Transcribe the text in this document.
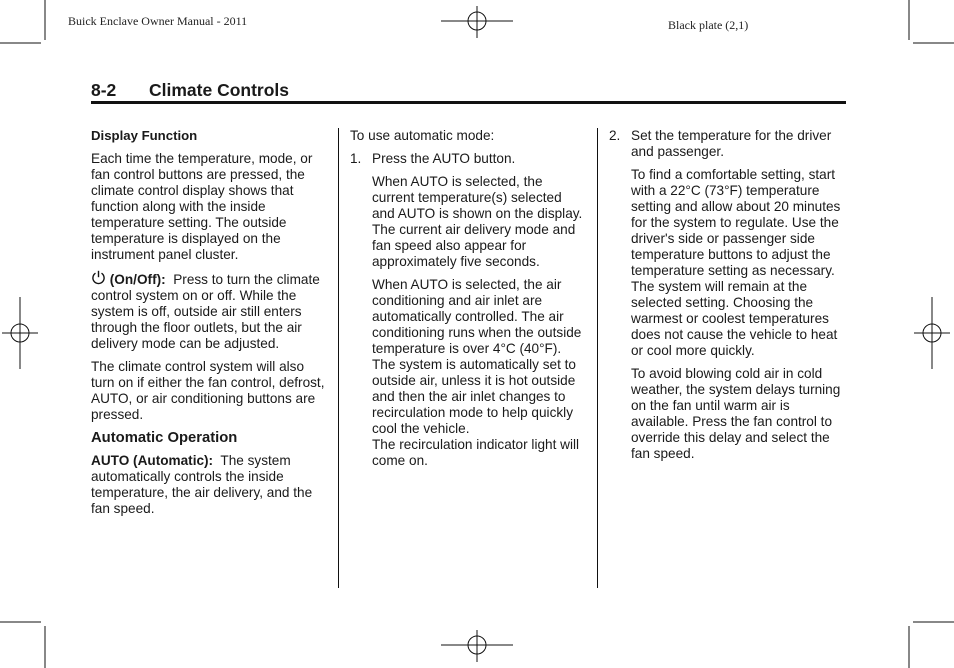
Buick Enclave Owner Manual - 2011	Black plate (2,1)
8-2 Climate Controls

Display Function

Each time the temperature, mode, or fan control buttons are pressed, the climate control display shows that function along with the inside temperature setting. The outside temperature is displayed on the instrument panel cluster.

(On/Off): Press to turn the climate control system on or off. While the system is off, outside air still enters through the floor outlets, but the air delivery mode can be adjusted.

The climate control system will also turn on if either the fan control, defrost, AUTO, or air conditioning buttons are pressed.

Automatic Operation

AUTO (Automatic): The system automatically controls the inside temperature, the air delivery, and the fan speed.

To use automatic mode:

1. Press the AUTO button.

When AUTO is selected, the current temperature(s) selected and AUTO is shown on the display. The current air delivery mode and fan speed also appear for approximately five seconds.

When AUTO is selected, the air conditioning and air inlet are automatically controlled. The air conditioning runs when the outside temperature is over 4°C (40°F). The system is automatically set to outside air, unless it is hot outside and then the air inlet changes to recirculation mode to help quickly cool the vehicle.
The recirculation indicator light will come on.

2. Set the temperature for the driver and passenger.

To find a comfortable setting, start with a 22°C (73°F) temperature setting and allow about 20 minutes for the system to regulate. Use the driver's side or passenger side temperature buttons to adjust the temperature setting as necessary. The system will remain at the selected setting. Choosing the warmest or coolest temperatures does not cause the vehicle to heat or cool more quickly.

To avoid blowing cold air in cold weather, the system delays turning on the fan until warm air is available. Press the fan control to override this delay and select the fan speed.
